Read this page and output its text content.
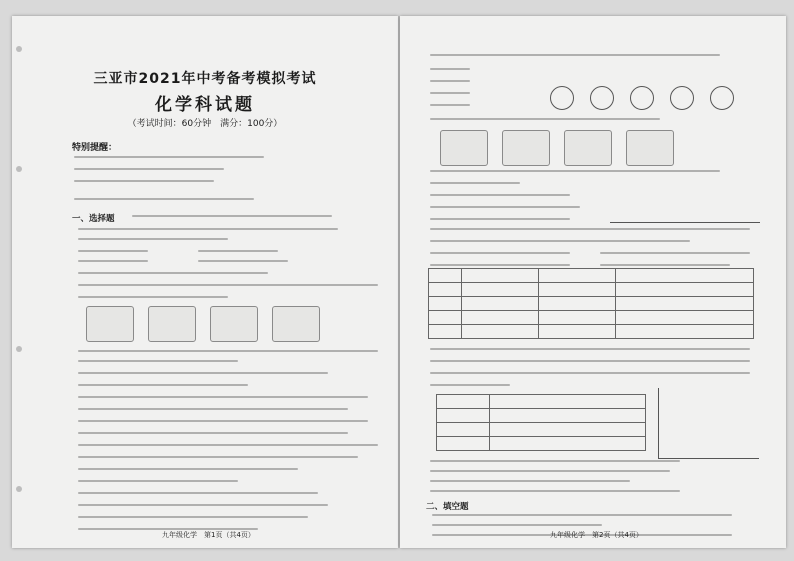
三亚市2021年中考备考模拟考试
化学科试题
（考试时间：60分钟　满分：100分）
特别提醒：
一、选择题
九年级化学　第1页（共4页）

二、填空题
九年级化学　第2页（共4页）
